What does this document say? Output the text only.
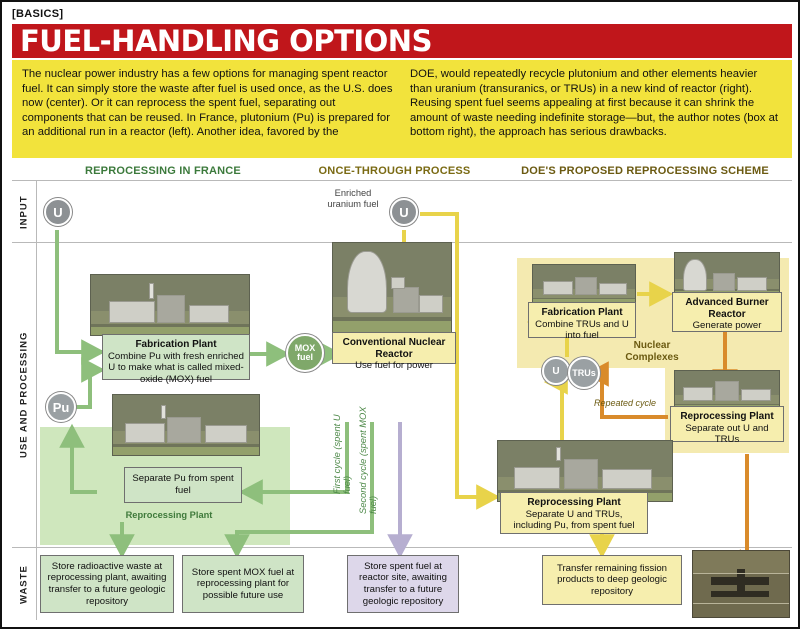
[BASICS]
FUEL-HANDLING OPTIONS

The nuclear power industry has a few options for managing spent reactor fuel. It can simply store the waste after fuel is used once, as the U.S. does now (center). Or it can reprocess the spent fuel, separating out components that can be reused. In France, plutonium (Pu) is prepared for an additional run in a reactor (left). Another idea, favored by the

DOE, would repeatedly recycle plutonium and other elements heavier than uranium (transuranics, or TRUs) in a new kind of reactor (right). Reusing spent fuel seems appealing at first because it can shrink the amount of waste needing indefinite storage—but, the author notes (box at bottom right), the approach has serious drawbacks.

REPROCESSING IN FRANCE	ONCE-THROUGH PROCESS	DOE'S PROPOSED REPROCESSING SCHEME
INPUT
USE AND PROCESSING
WASTE
U
Pu
Fabrication Plant
Combine Pu with fresh enriched U to make what is called mixed-oxide (MOX) fuel
MOX fuel
Separate Pu from spent fuel
Reprocessing Plant
Store radioactive waste at reprocessing plant, awaiting transfer to a future geologic repository
Store spent MOX fuel at reprocessing plant for possible future use
First cycle (spent U fuel) Second cycle (spent MOX fuel)
Enriched uranium fuel
U
Conventional Nuclear Reactor
Use fuel for power
Store spent fuel at reactor site, awaiting transfer to a future geologic repository
Fabrication Plant
Combine TRUs and U into fuel
Advanced Burner Reactor
Generate power
U	TRUs
Nuclear Complexes
Repeated cycle
Reprocessing Plant
Separate out U and TRUs
Reprocessing Plant
Separate U and TRUs, including Pu, from spent fuel
Transfer remaining fission products to deep geologic repository
